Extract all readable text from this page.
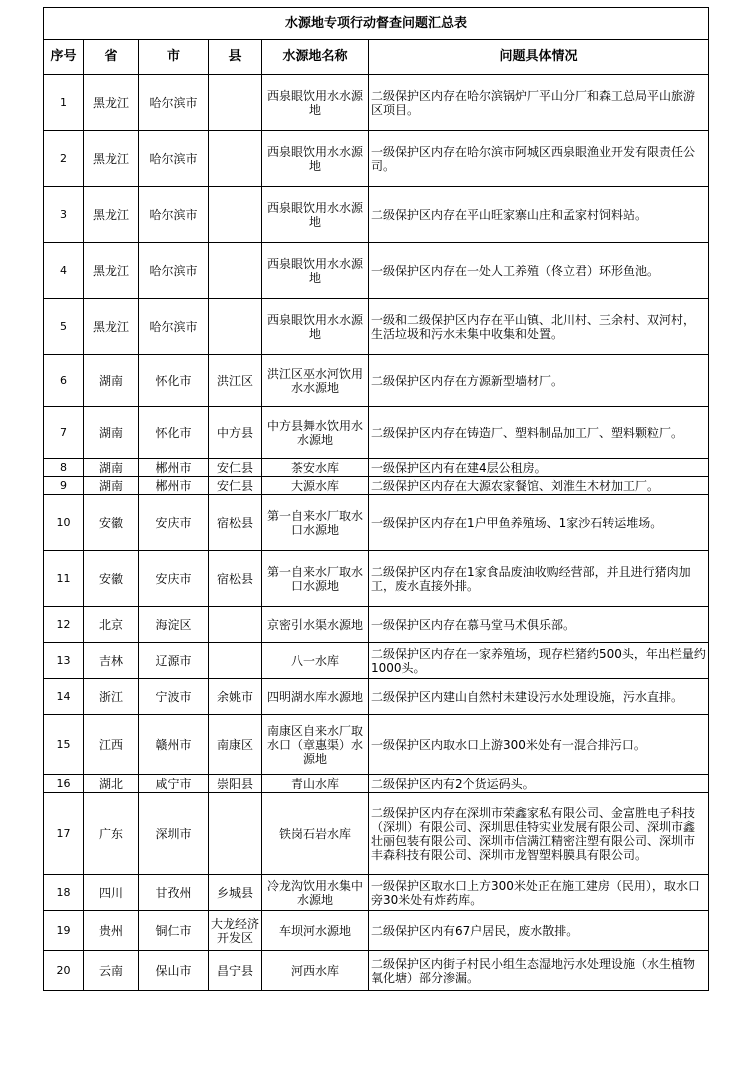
水源地专项行动督查问题汇总表					
序号	省	市	县	水源地名称	问题具体情况
1	黑龙江	哈尔滨市		西泉眼饮用水水源地	二级保护区内存在哈尔滨锅炉厂平山分厂和森工总局平山旅游区项目。
2	黑龙江	哈尔滨市		西泉眼饮用水水源地	一级保护区内存在哈尔滨市阿城区西泉眼渔业开发有限责任公司。
3	黑龙江	哈尔滨市		西泉眼饮用水水源地	二级保护区内存在平山旺家寨山庄和孟家村饲料站。
4	黑龙江	哈尔滨市		西泉眼饮用水水源地	一级保护区内存在一处人工养殖（佟立君）环形鱼池。
5	黑龙江	哈尔滨市		西泉眼饮用水水源地	一级和二级保护区内存在平山镇、北川村、三余村、双河村，生活垃圾和污水未集中收集和处置。
6	湖南	怀化市	洪江区	洪江区巫水河饮用水水源地	二级保护区内存在方源新型墙材厂。
7	湖南	怀化市	中方县	中方县舞水饮用水水源地	二级保护区内存在铸造厂、塑料制品加工厂、塑料颗粒厂。
8	湖南	郴州市	安仁县	茶安水库	一级保护区内有在建4层公租房。
9	湖南	郴州市	安仁县	大源水库	二级保护区内存在大源农家餐馆、刘淮生木材加工厂。
10	安徽	安庆市	宿松县	第一自来水厂取水口水源地	一级保护区内存在1户甲鱼养殖场、1家沙石转运堆场。
11	安徽	安庆市	宿松县	第一自来水厂取水口水源地	二级保护区内存在1家食品废油收购经营部，并且进行猪肉加工，废水直接外排。
12	北京	海淀区		京密引水渠水源地	一级保护区内存在慕马堂马术俱乐部。
13	吉林	辽源市		八一水库	二级保护区内存在一家养殖场，现存栏猪约500头，年出栏量约1000头。
14	浙江	宁波市	余姚市	四明湖水库水源地	二级保护区内建山自然村未建设污水处理设施，污水直排。
15	江西	赣州市	南康区	南康区自来水厂取水口（章惠渠）水源地	一级保护区内取水口上游300米处有一混合排污口。
16	湖北	咸宁市	崇阳县	青山水库	二级保护区内有2个货运码头。
17	广东	深圳市		铁岗石岩水库	二级保护区内存在深圳市荣鑫家私有限公司、金富胜电子科技（深圳）有限公司、深圳思佳特实业发展有限公司、深圳市鑫壮丽包装有限公司、深圳市信满江精密注塑有限公司、深圳市丰森科技有限公司、深圳市龙智塑料膜具有限公司。
18	四川	甘孜州	乡城县	冷龙沟饮用水集中水源地	一级保护区取水口上方300米处正在施工建房（民用），取水口旁30米处有炸药库。
19	贵州	铜仁市	大龙经济开发区	车坝河水源地	二级保护区内有67户居民，废水散排。
20	云南	保山市	昌宁县	河西水库	二级保护区内街子村民小组生态湿地污水处理设施（水生植物氧化塘）部分渗漏。
